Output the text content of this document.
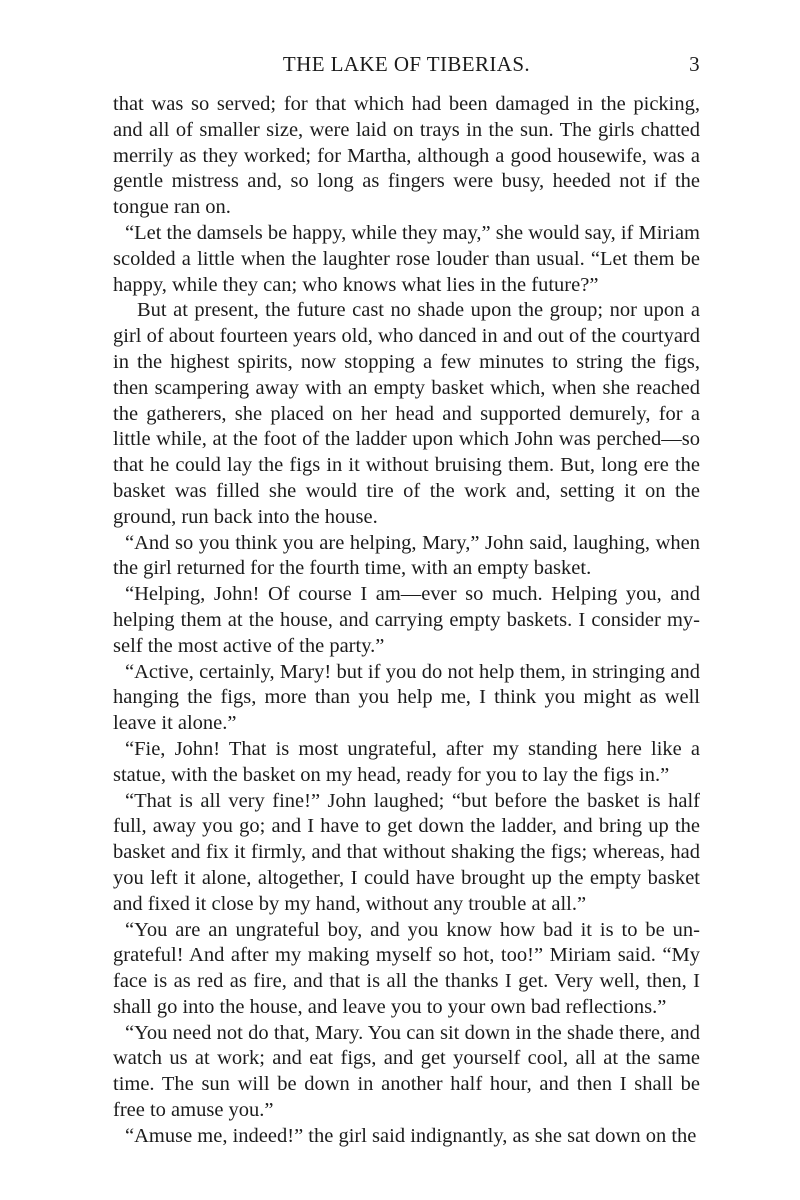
THE LAKE OF TIBERIAS.	3

that was so served; for that which had been damaged in the picking, and all of smaller size, were laid on trays in the sun. The girls chatted merrily as they worked; for Martha, although a good housewife, was a gentle mistress and, so long as fingers were busy, heeded not if the tongue ran on.

“Let the damsels be happy, while they may,” she would say, if Miriam scolded a little when the laughter rose louder than usual. “Let them be happy, while they can; who knows what lies in the future?”

But at present, the future cast no shade upon the group; nor upon a girl of about fourteen years old, who danced in and out of the courtyard in the highest spirits, now stopping a few minutes to string the figs, then scampering away with an empty basket which, when she reached the gatherers, she placed on her head and supported demurely, for a little while, at the foot of the ladder upon which John was perched—so that he could lay the figs in it without bruising them. But, long ere the basket was filled she would tire of the work and, setting it on the ground, run back into the house.

“And so you think you are helping, Mary,” John said, laughing, when the girl returned for the fourth time, with an empty basket.

“Helping, John! Of course I am—ever so much. Helping you, and helping them at the house, and carrying empty baskets. I consider myself the most active of the party.”

“Active, certainly, Mary! but if you do not help them, in stringing and hanging the figs, more than you help me, I think you might as well leave it alone.”

“Fie, John! That is most ungrateful, after my standing here like a statue, with the basket on my head, ready for you to lay the figs in.”

“That is all very fine!” John laughed; “but before the basket is half full, away you go; and I have to get down the ladder, and bring up the basket and fix it firmly, and that without shaking the figs; whereas, had you left it alone, altogether, I could have brought up the empty basket and fixed it close by my hand, without any trouble at all.”

“You are an ungrateful boy, and you know how bad it is to be ungrateful! And after my making myself so hot, too!” Miriam said. “My face is as red as fire, and that is all the thanks I get. Very well, then, I shall go into the house, and leave you to your own bad reflections.”

“You need not do that, Mary. You can sit down in the shade there, and watch us at work; and eat figs, and get yourself cool, all at the same time. The sun will be down in another half hour, and then I shall be free to amuse you.”

“Amuse me, indeed!” the girl said indignantly, as she sat down on the
